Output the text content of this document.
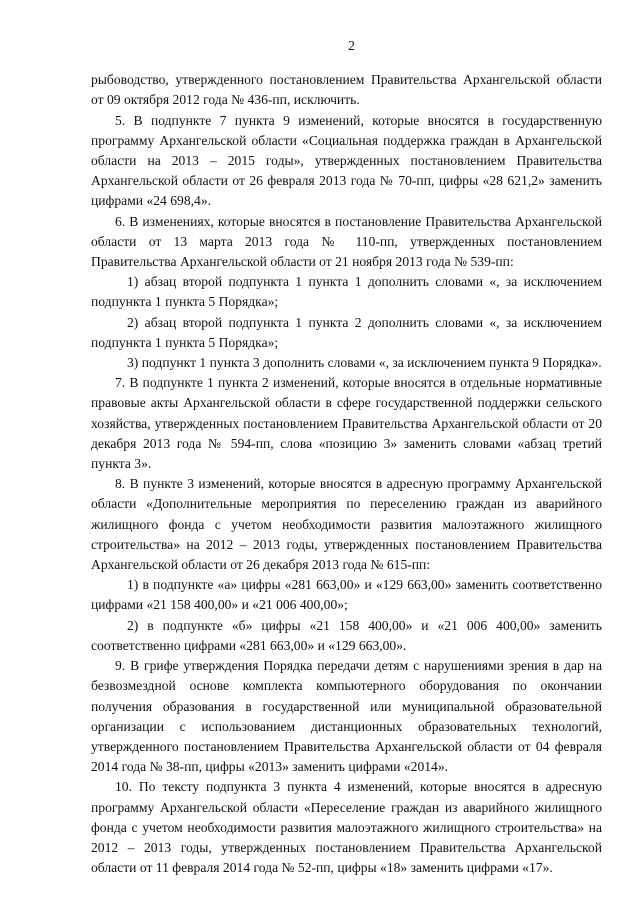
2

рыбоводство, утвержденного постановлением Правительства Архангельской области от 09 октября 2012 года № 436-пп, исключить.

5. В подпункте 7 пункта 9 изменений, которые вносятся в государственную программу Архангельской области «Социальная поддержка граждан в Архангельской области на 2013 – 2015 годы», утвержденных постановлением Правительства Архангельской области от 26 февраля 2013 года № 70-пп, цифры «28 621,2» заменить цифрами «24 698,4».

6. В изменениях, которые вносятся в постановление Правительства Архангельской области от 13 марта 2013 года № 110-пп, утвержденных постановлением Правительства Архангельской области от 21 ноября 2013 года № 539-пп:

1) абзац второй подпункта 1 пункта 1 дополнить словами «, за исключением подпункта 1 пункта 5 Порядка»;

2) абзац второй подпункта 1 пункта 2 дополнить словами «, за исключением подпункта 1 пункта 5 Порядка»;

3) подпункт 1 пункта 3 дополнить словами «, за исключением пункта 9 Порядка».

7. В подпункте 1 пункта 2 изменений, которые вносятся в отдельные нормативные правовые акты Архангельской области в сфере государственной поддержки сельского хозяйства, утвержденных постановлением Правительства Архангельской области от 20 декабря 2013 года № 594-пп, слова «позицию 3» заменить словами «абзац третий пункта 3».

8. В пункте 3 изменений, которые вносятся в адресную программу Архангельской области «Дополнительные мероприятия по переселению граждан из аварийного жилищного фонда с учетом необходимости развития малоэтажного жилищного строительства» на 2012 – 2013 годы, утвержденных постановлением Правительства Архангельской области от 26 декабря 2013 года № 615-пп:

1) в подпункте «а» цифры «281 663,00» и «129 663,00» заменить соответственно цифрами «21 158 400,00» и «21 006 400,00»;

2) в подпункте «б» цифры «21 158 400,00» и «21 006 400,00» заменить соответственно цифрами «281 663,00» и «129 663,00».

9. В грифе утверждения Порядка передачи детям с нарушениями зрения в дар на безвозмездной основе комплекта компьютерного оборудования по окончании получения образования в государственной или муниципальной образовательной организации с использованием дистанционных образовательных технологий, утвержденного постановлением Правительства Архангельской области от 04 февраля 2014 года № 38-пп, цифры «2013» заменить цифрами «2014».

10. По тексту подпункта 3 пункта 4 изменений, которые вносятся в адресную программу Архангельской области «Переселение граждан из аварийного жилищного фонда с учетом необходимости развития малоэтажного жилищного строительства» на 2012 – 2013 годы, утвержденных постановлением Правительства Архангельской области от 11 февраля 2014 года № 52-пп, цифры «18» заменить цифрами «17».
